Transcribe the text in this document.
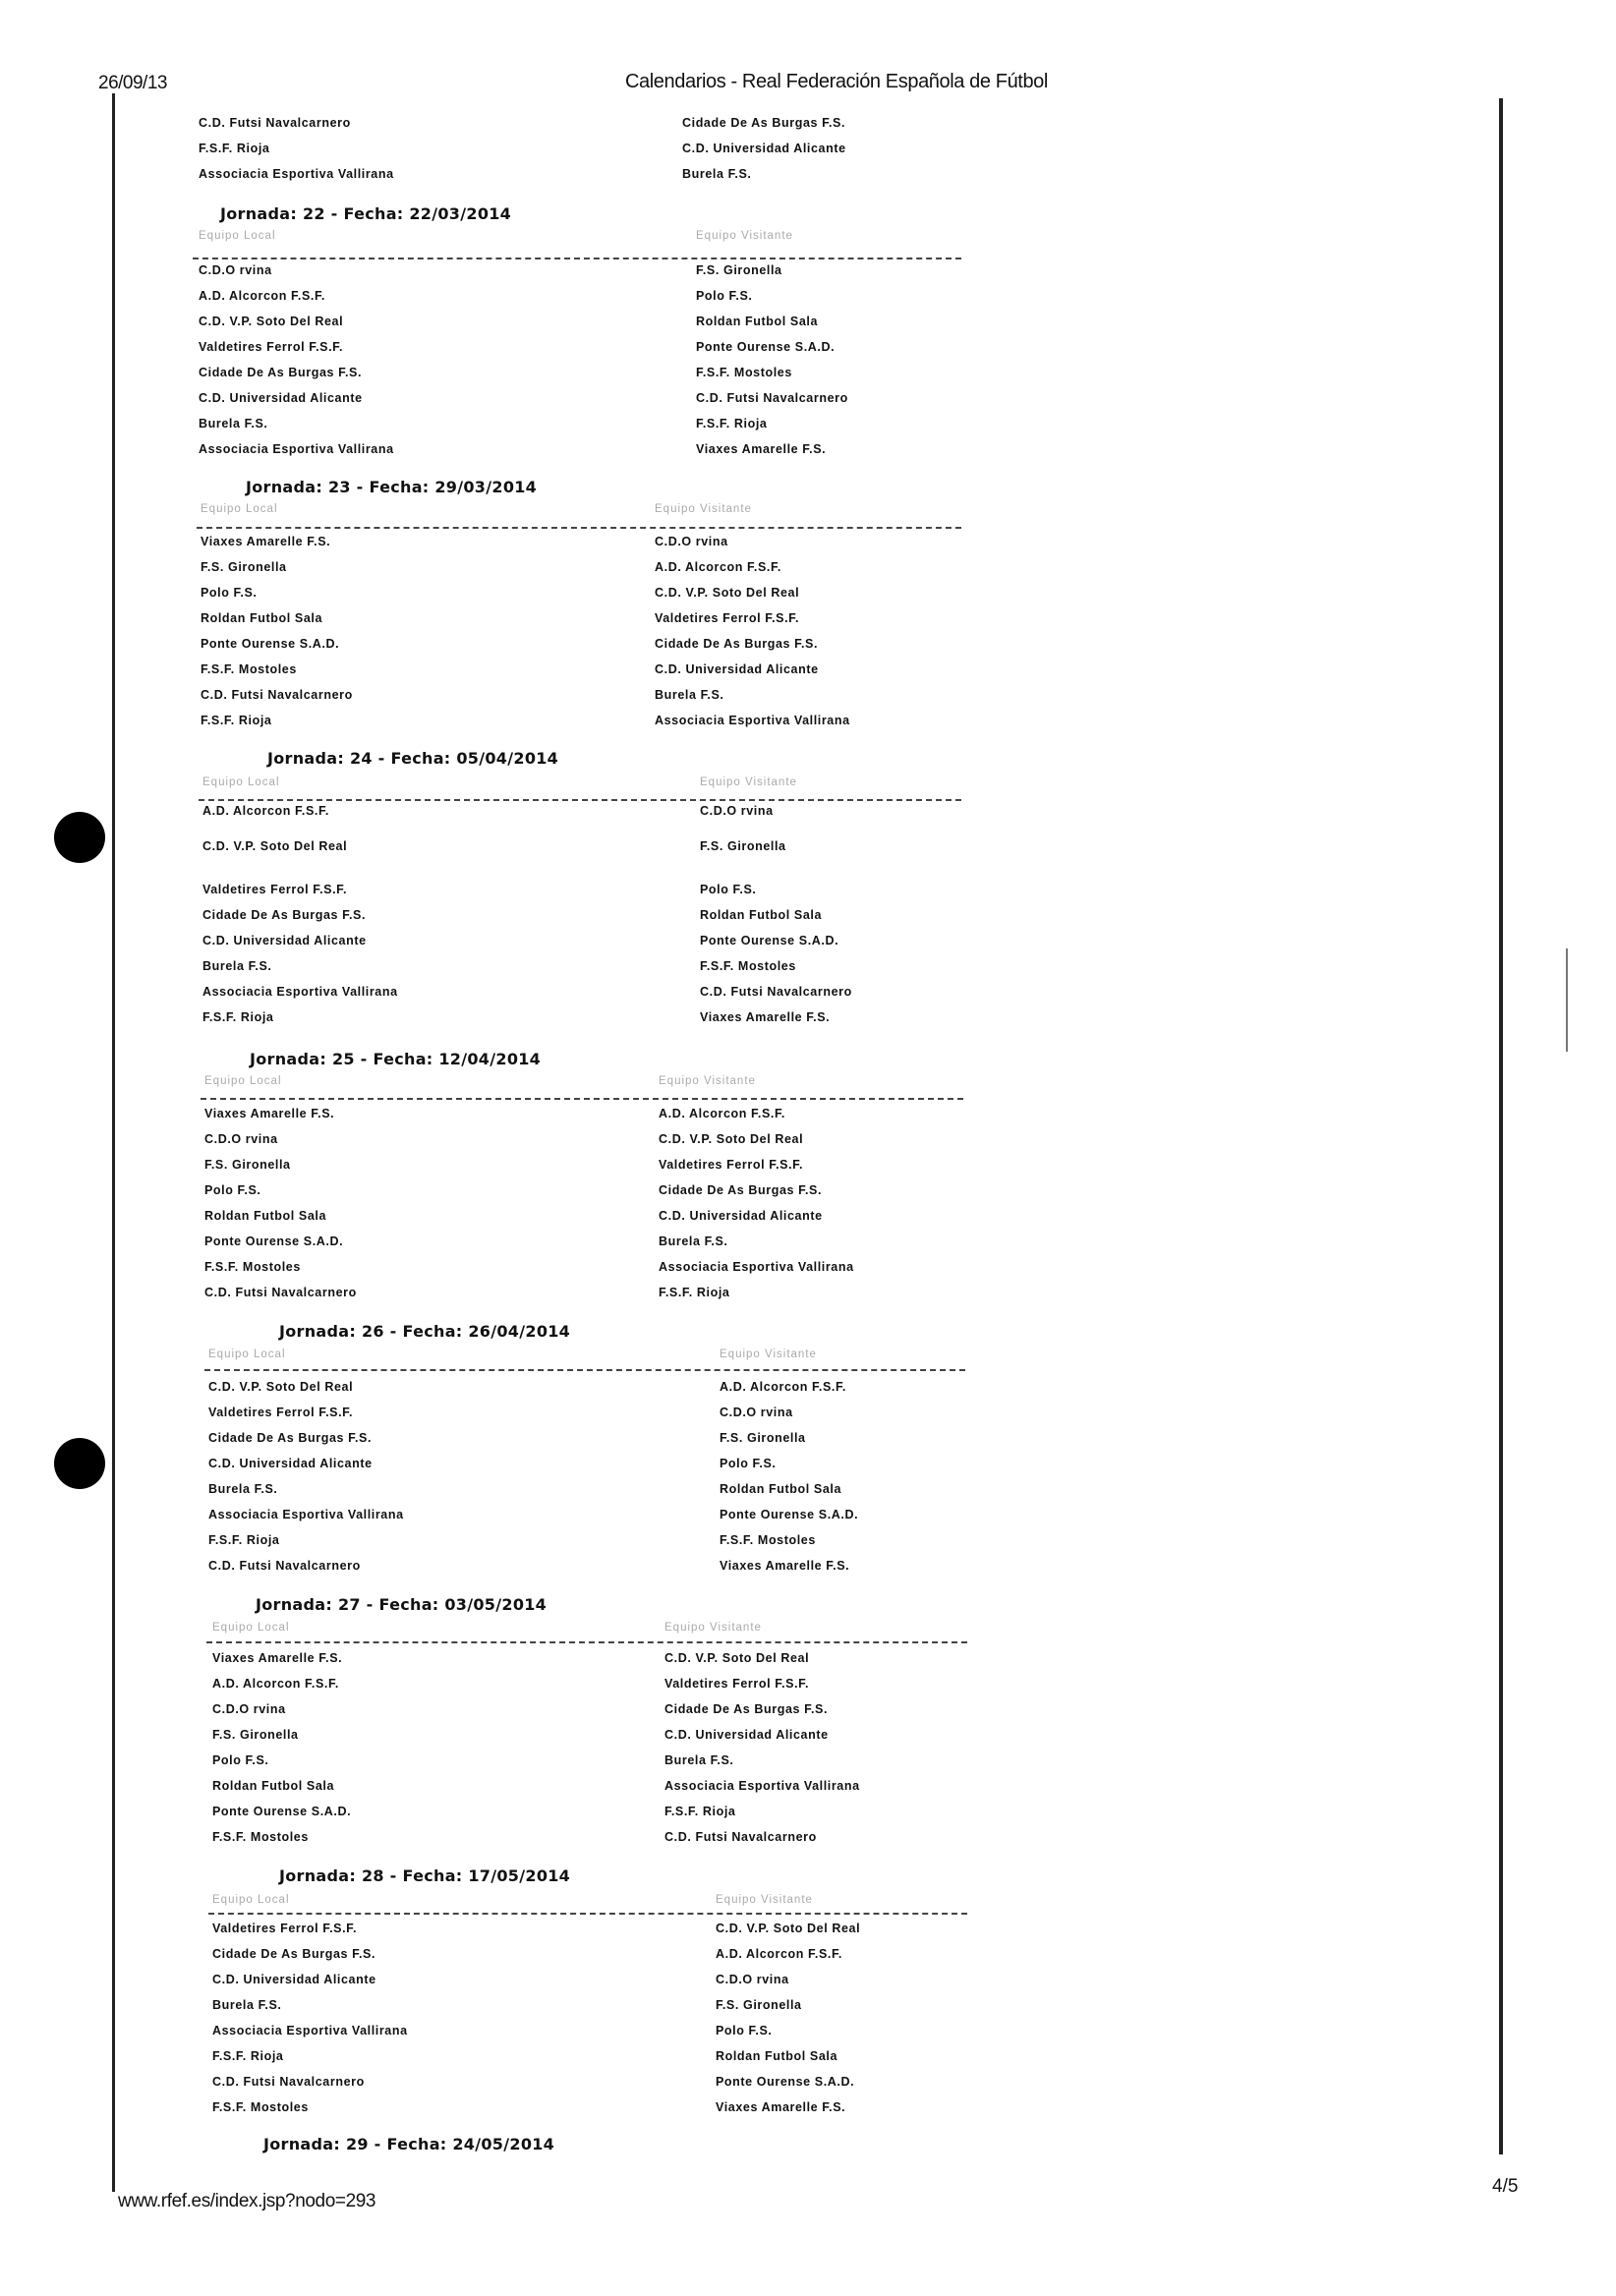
26/09/13	Calendarios - Real Federación Española de Fútbol
www.rfef.es/index.jsp?nodo=293
4/5
C.D. Futsi Navalcarnero	Cidade De As Burgas F.S.
F.S.F. Rioja	C.D. Universidad Alicante
Associacia Esportiva Vallirana	Burela F.S.
Jornada: 22 - Fecha: 22/03/2014
Equipo Local	Equipo Visitante
C.D.O rvina	F.S. Gironella
A.D. Alcorcon F.S.F.	Polo F.S.
C.D. V.P. Soto Del Real	Roldan Futbol Sala
Valdetires Ferrol F.S.F.	Ponte Ourense S.A.D.
Cidade De As Burgas F.S.	F.S.F. Mostoles
C.D. Universidad Alicante	C.D. Futsi Navalcarnero
Burela F.S.	F.S.F. Rioja
Associacia Esportiva Vallirana	Viaxes Amarelle F.S.
Jornada: 23 - Fecha: 29/03/2014
Equipo Local	Equipo Visitante
Viaxes Amarelle F.S.	C.D.O rvina
F.S. Gironella	A.D. Alcorcon F.S.F.
Polo F.S.	C.D. V.P. Soto Del Real
Roldan Futbol Sala	Valdetires Ferrol F.S.F.
Ponte Ourense S.A.D.	Cidade De As Burgas F.S.
F.S.F. Mostoles	C.D. Universidad Alicante
C.D. Futsi Navalcarnero	Burela F.S.
F.S.F. Rioja	Associacia Esportiva Vallirana
Jornada: 24 - Fecha: 05/04/2014
Equipo Local	Equipo Visitante
A.D. Alcorcon F.S.F.	C.D.O rvina
C.D. V.P. Soto Del Real	F.S. Gironella
Valdetires Ferrol F.S.F.	Polo F.S.
Cidade De As Burgas F.S.	Roldan Futbol Sala
C.D. Universidad Alicante	Ponte Ourense S.A.D.
Burela F.S.	F.S.F. Mostoles
Associacia Esportiva Vallirana	C.D. Futsi Navalcarnero
F.S.F. Rioja	Viaxes Amarelle F.S.
Jornada: 25 - Fecha: 12/04/2014
Equipo Local	Equipo Visitante
Viaxes Amarelle F.S.	A.D. Alcorcon F.S.F.
C.D.O rvina	C.D. V.P. Soto Del Real
F.S. Gironella	Valdetires Ferrol F.S.F.
Polo F.S.	Cidade De As Burgas F.S.
Roldan Futbol Sala	C.D. Universidad Alicante
Ponte Ourense S.A.D.	Burela F.S.
F.S.F. Mostoles	Associacia Esportiva Vallirana
C.D. Futsi Navalcarnero	F.S.F. Rioja
Jornada: 26 - Fecha: 26/04/2014
Equipo Local	Equipo Visitante
C.D. V.P. Soto Del Real	A.D. Alcorcon F.S.F.
Valdetires Ferrol F.S.F.	C.D.O rvina
Cidade De As Burgas F.S.	F.S. Gironella
C.D. Universidad Alicante	Polo F.S.
Burela F.S.	Roldan Futbol Sala
Associacia Esportiva Vallirana	Ponte Ourense S.A.D.
F.S.F. Rioja	F.S.F. Mostoles
C.D. Futsi Navalcarnero	Viaxes Amarelle F.S.
Jornada: 27 - Fecha: 03/05/2014
Equipo Local	Equipo Visitante
Viaxes Amarelle F.S.	C.D. V.P. Soto Del Real
A.D. Alcorcon F.S.F.	Valdetires Ferrol F.S.F.
C.D.O rvina	Cidade De As Burgas F.S.
F.S. Gironella	C.D. Universidad Alicante
Polo F.S.	Burela F.S.
Roldan Futbol Sala	Associacia Esportiva Vallirana
Ponte Ourense S.A.D.	F.S.F. Rioja
F.S.F. Mostoles	C.D. Futsi Navalcarnero
Jornada: 28 - Fecha: 17/05/2014
Equipo Local	Equipo Visitante
Valdetires Ferrol F.S.F.	C.D. V.P. Soto Del Real
Cidade De As Burgas F.S.	A.D. Alcorcon F.S.F.
C.D. Universidad Alicante	C.D.O rvina
Burela F.S.	F.S. Gironella
Associacia Esportiva Vallirana	Polo F.S.
F.S.F. Rioja	Roldan Futbol Sala
C.D. Futsi Navalcarnero	Ponte Ourense S.A.D.
F.S.F. Mostoles	Viaxes Amarelle F.S.
Jornada: 29 - Fecha: 24/05/2014
